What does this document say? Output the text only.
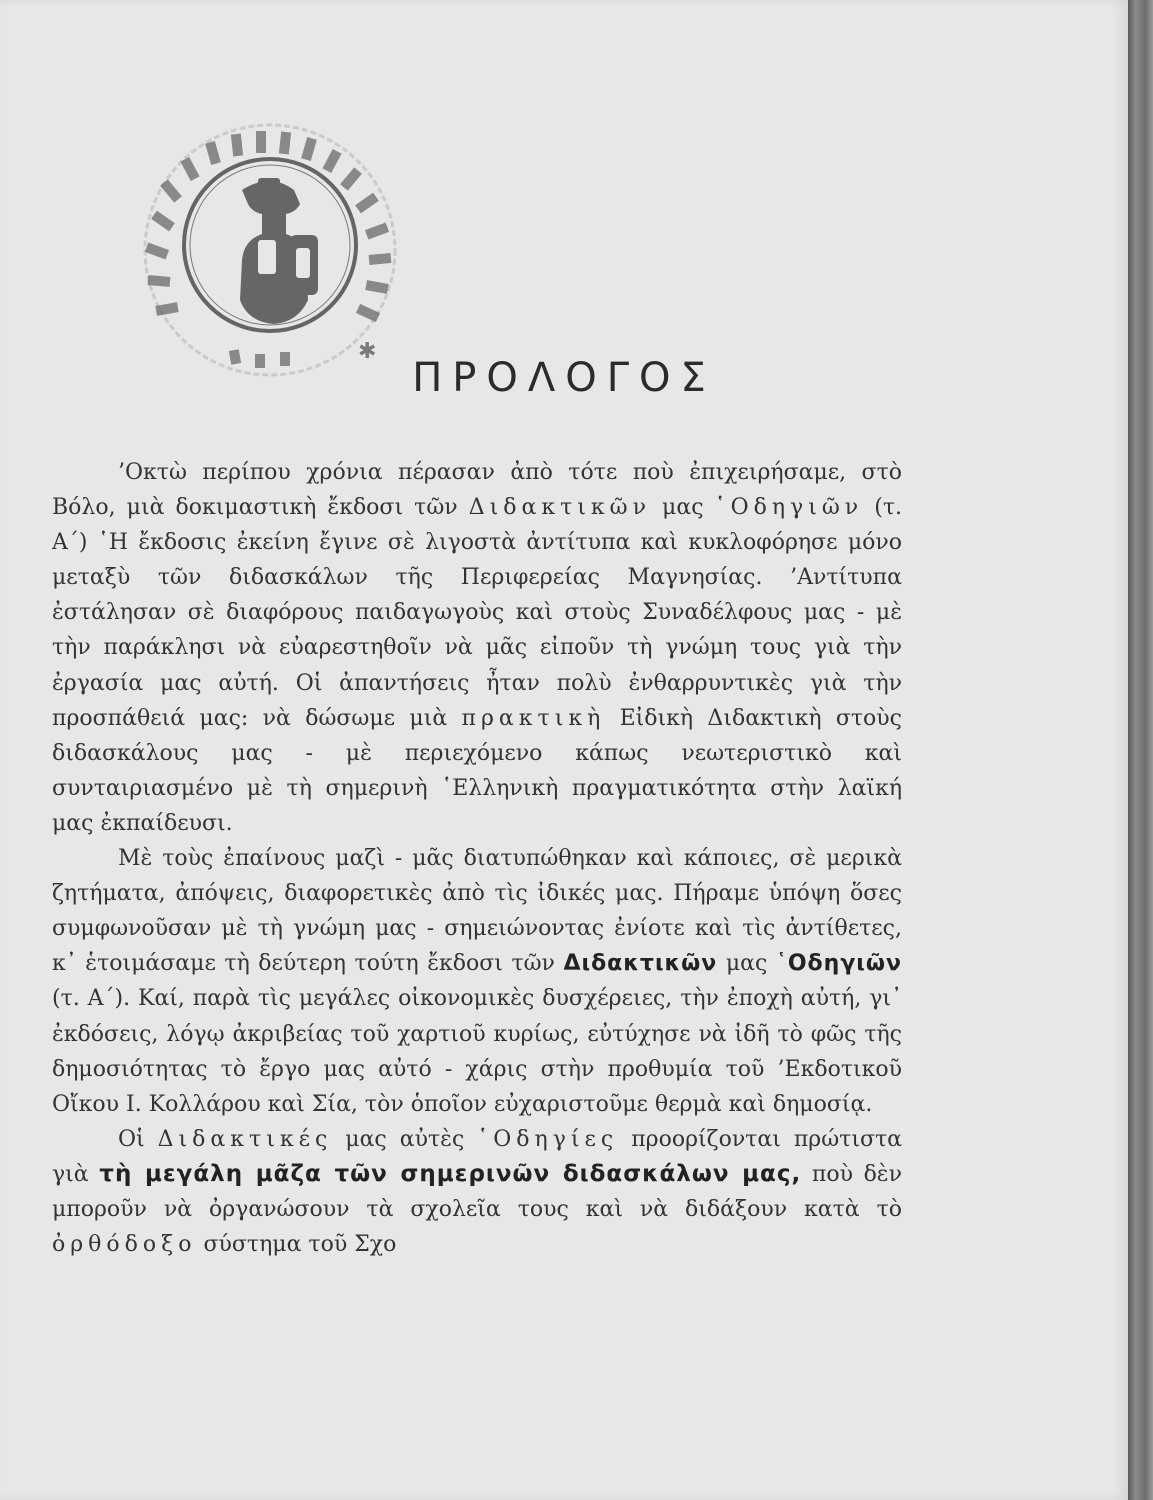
✱
ΠΡΟΛΟΓΟΣ

’Οκτὼ περίπου χρόνια πέρασαν ἀπὸ τότε ποὺ ἐπιχειρήσαμε, στὸ Βόλο, μιὰ δοκιμαστικὴ ἔκδοσι τῶν Διδακτικῶν μας ῾Οδηγιῶν (τ. Α΄) ῾Η ἔκδοσις ἐκείνη ἔγινε σὲ λιγοστὰ ἀντίτυπα καὶ κυκλοφόρησε μόνο μεταξὺ τῶν διδασκάλων τῆς Περιφερείας Μαγνησίας. ’Αντίτυπα ἐστάλησαν σὲ διαφόρους παιδαγωγοὺς καὶ στοὺς Συναδέλφους μας - μὲ τὴν παράκλησι νὰ εὐαρεστηθοῖν νὰ μᾶς εἰποῦν τὴ γνώμη τους γιὰ τὴν ἐργασία μας αὐτή. Οἱ ἀπαντήσεις ἦταν πολὺ ἐνθαρρυντικὲς γιὰ τὴν προσπάθειά μας: νὰ δώσωμε μιὰ πρακτικὴ Εἰδικὴ Διδακτικὴ στοὺς διδασκάλους μας - μὲ περιεχόμενο κάπως νεωτεριστικὸ καὶ συνταιριασμένο μὲ τὴ σημερινὴ ῾Ελληνικὴ πραγματικότητα στὴν λαϊκή μας ἐκπαίδευσι.

Μὲ τοὺς ἐπαίνους μαζὶ - μᾶς διατυπώθηκαν καὶ κάποιες, σὲ μερικὰ ζητήματα, ἀπόψεις, διαφορετικὲς ἀπὸ τὶς ἰδικές μας. Πήραμε ὑπόψη ὅσες συμφωνοῦσαν μὲ τὴ γνώμη μας - σημειώνοντας ἐνίοτε καὶ τὶς ἀντίθετες, κ᾿ ἑτοιμάσαμε τὴ δεύτερη τούτη ἔκδοσι τῶν Διδακτικῶν μας ῾Οδηγιῶν (τ. Α΄). Καί, παρὰ τὶς μεγάλες οἰκονομικὲς δυσχέρειες, τὴν ἐποχὴ αὐτή, γι᾿ ἐκδόσεις, λόγῳ ἀκριβείας τοῦ χαρτιοῦ κυρίως, εὐτύχησε νὰ ἰδῆ τὸ φῶς τῆς δημοσιότητας τὸ ἔργο μας αὐτό - χάρις στὴν προθυμία τοῦ ’Εκδοτικοῦ Οἴκου Ι. Κολλάρου καὶ Σία, τὸν ὁποῖον εὐχαριστοῦμε θερμὰ καὶ δημοσίᾳ.

Οἱ Διδακτικές μας αὐτὲς ῾Οδηγίες προορίζονται πρώτιστα γιὰ τὴ μεγάλη μᾶζα τῶν σημερινῶν διδασκάλων μας, ποὺ δὲν μποροῦν νὰ ὀργανώσουν τὰ σχολεῖα τους καὶ νὰ διδάξουν κατὰ τὸ ὀρθόδοξο σύστημα τοῦ Σχο
